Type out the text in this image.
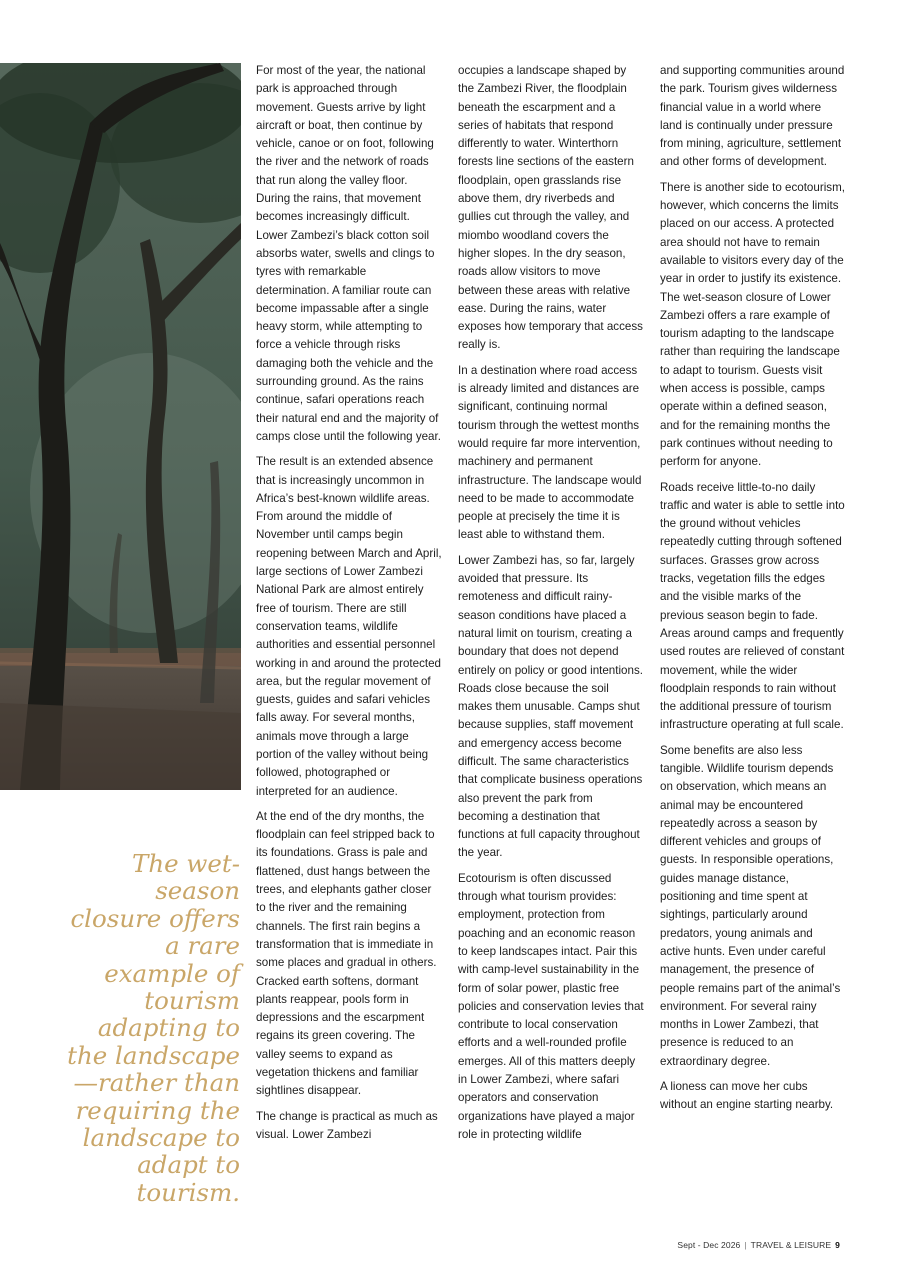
The wet-season closure offers a rare example of tourism adapting to the landscape—rather than requiring the landscape to adapt to tourism.

For most of the year, the national park is approached through movement. Guests arrive by light aircraft or boat, then continue by vehicle, canoe or on foot, following the river and the network of roads that run along the valley floor. During the rains, that movement becomes increasingly difficult. Lower Zambezi’s black cotton soil absorbs water, swells and clings to tyres with remarkable determination. A familiar route can become impassable after a single heavy storm, while attempting to force a vehicle through risks damaging both the vehicle and the surrounding ground. As the rains continue, safari operations reach their natural end and the majority of camps close until the following year.

The result is an extended absence that is increasingly uncommon in Africa’s best-known wildlife areas. From around the middle of November until camps begin reopening between March and April, large sections of Lower Zambezi National Park are almost entirely free of tourism. There are still conservation teams, wildlife authorities and essential personnel working in and around the protected area, but the regular movement of guests, guides and safari vehicles falls away. For several months, animals move through a large portion of the valley without being followed, photographed or interpreted for an audience.

At the end of the dry months, the floodplain can feel stripped back to its foundations. Grass is pale and flattened, dust hangs between the trees, and elephants gather closer to the river and the remaining channels. The first rain begins a transformation that is immediate in some places and gradual in others. Cracked earth softens, dormant plants reappear, pools form in depressions and the escarpment regains its green covering. The valley seems to expand as vegetation thickens and familiar sightlines disappear.

The change is practical as much as visual. Lower Zambezi

occupies a landscape shaped by the Zambezi River, the floodplain beneath the escarpment and a series of habitats that respond differently to water. Winterthorn forests line sections of the eastern floodplain, open grasslands rise above them, dry riverbeds and gullies cut through the valley, and miombo woodland covers the higher slopes. In the dry season, roads allow visitors to move between these areas with relative ease. During the rains, water exposes how temporary that access really is.

In a destination where road access is already limited and distances are significant, continuing normal tourism through the wettest months would require far more intervention, machinery and permanent infrastructure. The landscape would need to be made to accommodate people at precisely the time it is least able to withstand them.

Lower Zambezi has, so far, largely avoided that pressure. Its remoteness and difficult rainy-season conditions have placed a natural limit on tourism, creating a boundary that does not depend entirely on policy or good intentions. Roads close because the soil makes them unusable. Camps shut because supplies, staff movement and emergency access become difficult. The same characteristics that complicate business operations also prevent the park from becoming a destination that functions at full capacity throughout the year.

Ecotourism is often discussed through what tourism provides: employment, protection from poaching and an economic reason to keep landscapes intact. Pair this with camp-level sustainability in the form of solar power, plastic free policies and conservation levies that contribute to local conservation efforts and a well-rounded profile emerges. All of this matters deeply in Lower Zambezi, where safari operators and conservation organizations have played a major role in protecting wildlife

and supporting communities around the park. Tourism gives wilderness financial value in a world where land is continually under pressure from mining, agriculture, settlement and other forms of development.

There is another side to ecotourism, however, which concerns the limits placed on our access. A protected area should not have to remain available to visitors every day of the year in order to justify its existence. The wet-season closure of Lower Zambezi offers a rare example of tourism adapting to the landscape rather than requiring the landscape to adapt to tourism. Guests visit when access is possible, camps operate within a defined season, and for the remaining months the park continues without needing to perform for anyone.

Roads receive little-to-no daily traffic and water is able to settle into the ground without vehicles repeatedly cutting through softened surfaces. Grasses grow across tracks, vegetation fills the edges and the visible marks of the previous season begin to fade. Areas around camps and frequently used routes are relieved of constant movement, while the wider floodplain responds to rain without the additional pressure of tourism infrastructure operating at full scale.

Some benefits are also less tangible. Wildlife tourism depends on observation, which means an animal may be encountered repeatedly across a season by different vehicles and groups of guests. In responsible operations, guides manage distance, positioning and time spent at sightings, particularly around predators, young animals and active hunts. Even under careful management, the presence of people remains part of the animal’s environment. For several rainy months in Lower Zambezi, that presence is reduced to an extraordinary degree.

A lioness can move her cubs without an engine starting nearby.

Sept - Dec 2026 | TRAVEL & LEISURE 9
